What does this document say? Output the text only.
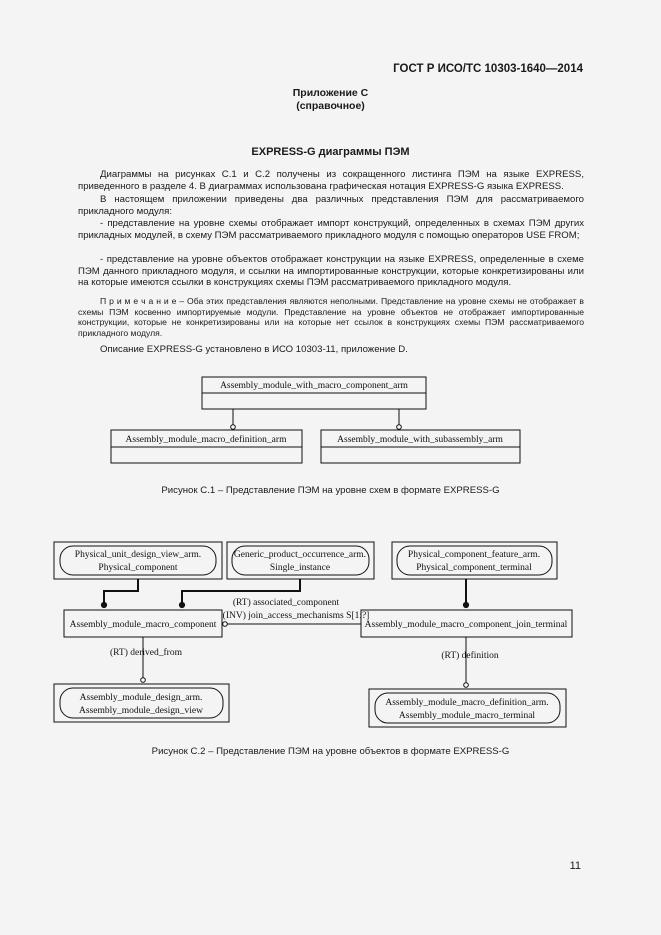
ГОСТ Р ИСО/ТС 10303-1640—2014
Приложение С
(справочное)
EXPRESS-G диаграммы ПЭМ
Диаграммы на рисунках С.1 и С.2 получены из сокращенного листинга ПЭМ на языке EXPRESS, приведенного в разделе 4. В диаграммах использована графическая нотация EXPRESS-G языка EXPRESS.
В настоящем приложении приведены два различных представления ПЭМ для рассматриваемого прикладного модуля:
- представление на уровне схемы отображает импорт конструкций, определенных в схемах ПЭМ других прикладных модулей, в схему ПЭМ рассматриваемого прикладного модуля с помощью операторов USE FROM;
- представление на уровне объектов отображает конструкции на языке EXPRESS, определенные в схеме ПЭМ данного прикладного модуля, и ссылки на импортированные конструкции, которые конкретизированы или на которые имеются ссылки в конструкциях схемы ПЭМ рассматриваемого прикладного модуля.
П р и м е ч а н и е – Оба этих представления являются неполными. Представление на уровне схемы не отображает в схемы ПЭМ косвенно импортируемые модули. Представление на уровне объектов не отображает импортированные конструкции, которые не конкретизированы или на которые нет ссылок в конструкциях схемы ПЭМ рассматриваемого прикладного модуля.
Описание EXPRESS-G установлено в ИСО 10303-11, приложение D.
Assembly_module_with_macro_component_arm
Assembly_module_macro_definition_arm	Assembly_module_with_subassembly_arm
Physical_unit_design_view_arm.
Physical_component
Generic_product_occurrence_arm.
Single_instance
Physical_component_feature_arm.
Physical_component_terminal
Assembly_module_macro_component	Assembly_module_macro_component_join_terminal
(RT) associated_component
(INV) join_access_mechanisms S[1:?]
(RT) derived_from	(RT) definition
Assembly_module_design_arm.
Assembly_module_design_view
Assembly_module_macro_definition_arm.
Assembly_module_macro_terminal
Рисунок С.1 – Представление ПЭМ на уровне схем в формате EXPRESS-G
Рисунок С.2 – Представление ПЭМ на уровне объектов в формате EXPRESS-G
11
